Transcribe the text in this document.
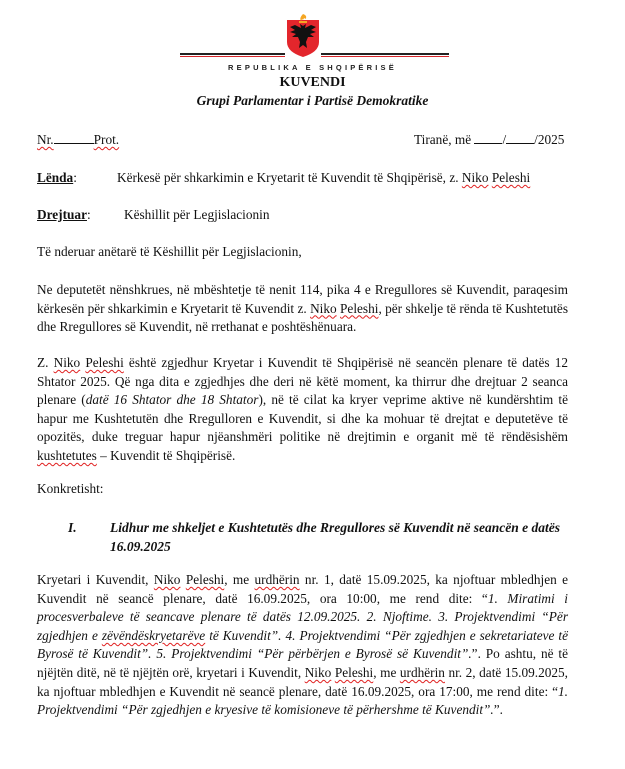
REPUBLIKA E SHQIPËRISË
KUVENDI
Grupi Parlamentar i Partisë Demokratike
Nr.	Prot.	Tiranë, më / /2025
Lënda:	Kërkesë për shkarkimin e Kryetarit të Kuvendit të Shqipërisë, z. Niko Peleshi
Drejtuar:	Këshillit për Legjislacionin
Të nderuar anëtarë të Këshillit për Legjislacionin,
Ne deputetët nënshkrues, në mbështetje të nenit 114, pika 4 e Rregullores së Kuvendit, paraqesim kërkesën për shkarkimin e Kryetarit të Kuvendit z. Niko Peleshi, për shkelje të rënda të Kushtetutës dhe Rregullores së Kuvendit, në rrethanat e poshtëshënuara.
Z. Niko Peleshi është zgjedhur Kryetar i Kuvendit të Shqipërisë në seancën plenare të datës 12 Shtator 2025. Që nga dita e zgjedhjes dhe deri në këtë moment, ka thirrur dhe drejtuar 2 seanca plenare (datë 16 Shtator dhe 18 Shtator), në të cilat ka kryer veprime aktive në kundërshtim të hapur me Kushtetutën dhe Rregulloren e Kuvendit, si dhe ka mohuar të drejtat e deputetëve të opozitës, duke treguar hapur njëanshmëri politike në drejtimin e organit më të rëndësishëm kushtetutes – Kuvendit të Shqipërisë.
Konkretisht:
I. Lidhur me shkeljet e Kushtetutës dhe Rregullores së Kuvendit në seancën e datës 16.09.2025
Kryetari i Kuvendit, Niko Peleshi, me urdhërin nr. 1, datë 15.09.2025, ka njoftuar mbledhjen e Kuvendit në seancë plenare, datë 16.09.2025, ora 10:00, me rend dite: “1. Miratimi i procesverbaleve të seancave plenare të datës 12.09.2025. 2. Njoftime. 3. Projektvendimi “Për zgjedhjen e zëvëndëskryetarëve të Kuvendit”. 4. Projektvendimi “Për zgjedhjen e sekretariateve të Byrosë të Kuvendit”. 5. Projektvendimi “Për përbërjen e Byrosë së Kuvendit”.”. Po ashtu, në të njëjtën ditë, në të njëjtën orë, kryetari i Kuvendit, Niko Peleshi, me urdhërin nr. 2, datë 15.09.2025, ka njoftuar mbledhjen e Kuvendit në seancë plenare, datë 16.09.2025, ora 17:00, me rend dite: “1. Projektvendimi “Për zgjedhjen e kryesive të komisioneve të përhershme të Kuvendit”.”.
